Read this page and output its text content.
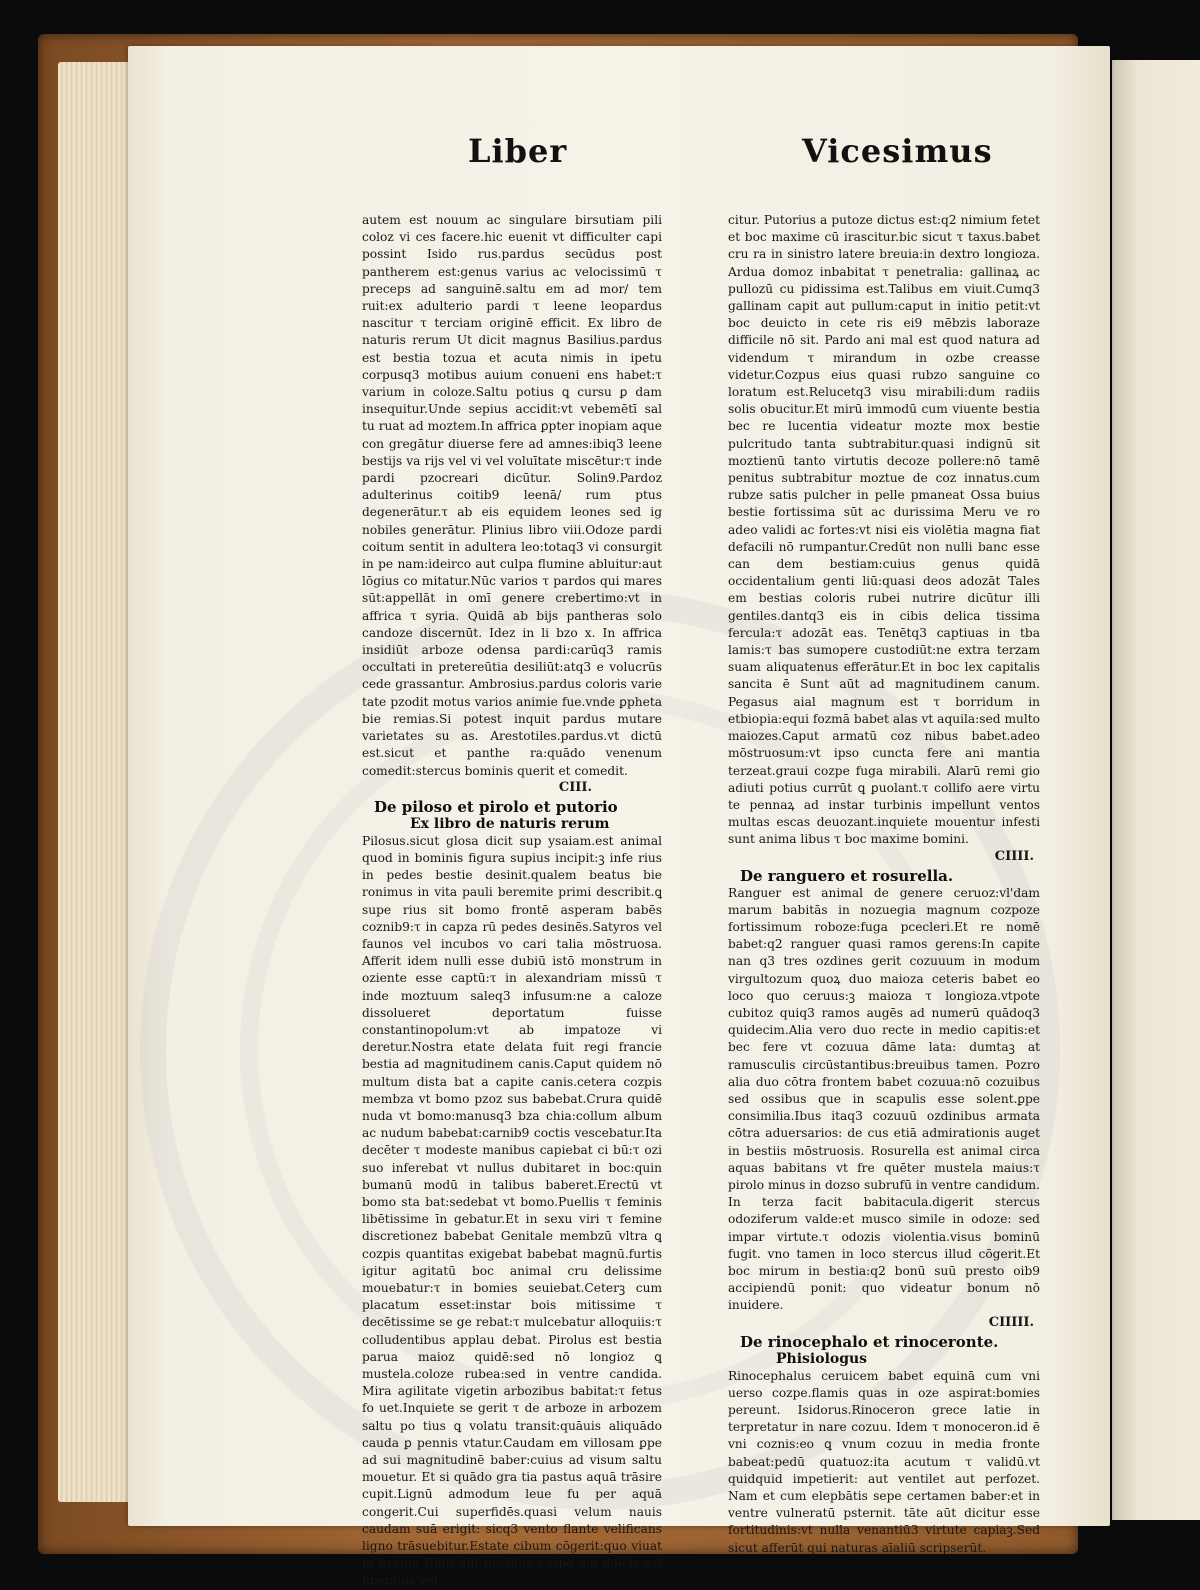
Liber	Vicesimus

autem est nouum ac singulare birsutiam pili coloz vi ces facere.hic euenit vt difficulter capi possint Isido rus.pardus secūdus post pantherem est:genus varius ac velocissimū τ preceps ad sanguinē.saltu em ad mor/ tem ruit:ex adulterio pardi τ leene leopardus nascitur τ terciam originē efficit. Ex libro de naturis rerum Ut dicit magnus Basilius.pardus est bestia tozua et acuta nimis in ipetu corpusq3 motibus auium conueni ens habet:τ varium in coloze.Saltu potius ꝗ cursu ꝑ dam insequitur.Unde sepius accidit:vt vebemētī sal tu ruat ad moztem.In affrica ꝑpter inopiam aque con gregātur diuerse fere ad amnes:ibiq3 leene bestijs va rijs vel vi vel voluītate miscētur:τ inde pardi pzocreari dicūtur. Solin9.Pardoz adulterinus coitib9 leenā/ rum ptus degenerātur.τ ab eis equidem leones sed ig nobiles generātur. Plinius libro viii.Odoze pardi coitum sentit in adultera leo:totaq3 vi consurgit in pe nam:ideirco aut culpa flumine abluitur:aut lōgius co mitatur.Nūc varios τ pardos qui mares sūt:appellāt in omī genere crebertimo:vt in affrica τ syria. Quidā ab bijs pantheras solo candoze discernūt. Idez in li bzo x. In affrica insidiūt arboze odensa pardi:carūq3 ramis occultati in pretereūtia desiliūt:atq3 e volucrūs cede grassantur. Ambrosius.pardus coloris varie tate pzodit motus varios animie fue.vnde ꝑpheta bie remias.Si potest inquit pardus mutare varietates su as. Arestotiles.pardus.vt dictū est.sicut et panthe ra:quādo venenum comedit:stercus bominis querit et comedit.

CIII.

De piloso et pirolo et putorio

Ex libro de naturis rerum

Pilosus.sicut glosa dicit sup ysaiam.est animal quod in bominis figura supius incipit:ꝫ infe rius in pedes bestie desinit.qualem beatus bie ronimus in vita pauli beremite primi describit.ꝗ supe rius sit bomo frontē asperam babēs coznib9:τ in capza rū pedes desinēs.Satyros vel faunos vel incubos vo cari talia mōstruosa. Afferit idem nulli esse dubiū istō monstrum in oziente esse captū:τ in alexandriam missū τ inde moztuum saleq3 infusum:ne a caloze dissolueret deportatum fuisse constantinopolum:vt ab impatoze vi deretur.Nostra etate delata fuit regi francie bestia ad magnitudinem canis.Caput quidem nō multum dista bat a capite canis.cetera cozpis membza vt bomo pzoz sus babebat.Crura quidē nuda vt bomo:manusq3 bza chia:collum album ac nudum babebat:carnib9 coctis vescebatur.Ita decēter τ modeste manibus capiebat ci bū:τ ozi suo inferebat vt nullus dubitaret in boc:quin bumanū modū in talibus baberet.Erectū vt bomo sta bat:sedebat vt bomo.Puellis τ feminis libētissime īn gebatur.Et in sexu viri τ femine discretionez babebat Genitale membzū vltra ꝗ cozpis quantitas exigebat babebat magnū.furtis igitur agitatū boc animal cru delissime mouebatur:τ in bomies seuiebat.Ceterꝫ cum placatum esset:instar bois mitissime τ decētissime se ge rebat:τ mulcebatur alloquiis:τ colludentibus applau debat. Pirolus est bestia parua maioz quidē:sed nō longioz ꝗ mustela.coloze rubea:sed in ventre candida. Mira agilitate vigetin arbozibus babitat:τ fetus fo uet.Inquiete se gerit τ de arboze in arbozem saltu po tius ꝗ volatu transit:quāuis aliquādo cauda ꝑ pennis vtatur.Caudam em villosam ꝑpe ad sui magnitudinē baber:cuius ad visum saltu mouetur. Et si quādo gra tia pastus aquā trāsire cupit.Lignū admodum leue fu per aquā congerit.Cui superfidēs.quasi velum nauis caudam suā erigit: sicq3 vento flante velificans ligno trāsuebitur.Estate cibum cōgerit:quo viuat in byeme Uiuit aūt nucibus:τ cibo qui dulcis est libentius vel

citur. Putorius a putoze dictus est:q2 nimium fetet et boc maxime cū irascitur.bic sicut τ taxus.babet cru ra in sinistro latere breuia:in dextro longioza. Ardua domoz inbabitat τ penetralia: gallinaꝝ ac pullozū cu pidissima est.Talibus em viuit.Cumq3 gallinam capit aut pullum:caput in initio petit:vt boc deuicto in cete ris ei9 mēbzis laboraze difficile nō sit. Pardo ani mal est quod natura ad videndum τ mirandum in ozbe creasse videtur.Cozpus eius quasi rubzo sanguine co loratum est.Relucetq3 visu mirabili:dum radiis solis obucitur.Et mirū immodū cum viuente bestia bec re lucentia videatur mozte mox bestie pulcritudo tanta subtrabitur.quasi indignū sit moztienū tanto virtutis decoze pollere:nō tamē penitus subtrabitur moztue de coz innatus.cum rubze satis pulcher in pelle pmaneat Ossa buius bestie fortissima sūt ac durissima Meru ve ro adeo validi ac fortes:vt nisi eis violētia magna fiat defacili nō rumpantur.Credūt non nulli banc esse can dem bestiam:cuius genus quidā occidentalium genti liū:quasi deos adozāt Tales em bestias coloris rubei nutrire dicūtur illi gentiles.dantq3 eis in cibis delica tissima fercula:τ adozāt eas. Tenētq3 captiuas in tba lamis:τ bas sumopere custodiūt:ne extra terzam suam aliquatenus efferātur.Et in boc lex capitalis sancita ē Sunt aūt ad magnitudinem canum. Pegasus aial magnum est τ borridum in etbiopia:equi fozmā babet alas vt aquila:sed multo maiozes.Caput armatū coz nibus babet.adeo mōstruosum:vt ipso cuncta fere ani mantia terzeat.graui cozpe fuga mirabili. Alarū remi gio adiuti potius currūt ꝗ ꝑuolant.τ collifo aere virtu te pennaꝝ ad instar turbinis impellunt ventos multas escas deuozant.inquiete mouentur infesti sunt anima libus τ boc maxime bomini.

CIIII.

De ranguero et rosurella.

Ranguer est animal de genere ceruoz:vl'dam marum babitās in nozuegia magnum cozpoze fortissimum roboze:fuga pcecleri.Et re nomē babet:q2 ranguer quasi ramos gerens:In capite nan q3 tres ozdines gerit cozuuum in modum virgultozum quoꝝ duo maioza ceteris babet eo loco quo ceruus:ꝫ maioza τ longioza.vtpote cubitoz quiq3 ramos augēs ad numerū quādoq3 quidecim.Alia vero duo recte in medio capitis:et bec fere vt cozuua dāme lata: dumtaꝫ at ramusculis circūstantibus:breuibus tamen. Pozro alia duo cōtra frontem babet cozuua:nō cozuibus sed ossibus que in scapulis esse solent.ꝑpe consimilia.Ibus itaq3 cozuuū ozdinibus armata cōtra aduersarios: de cus etiā admirationis auget in bestiis mōstruosis. Rosurella est animal circa aquas babitans vt fre quēter mustela maius:τ pirolo minus in dozso subrufū in ventre candidum. In terza facit babitacula.digerit stercus odoziferum valde:et musco simile in odoze: sed impar virtute.τ odozis violentia.visus bominū fugit. vno tamen in loco stercus illud cōgerit.Et boc mirum in bestia:q2 bonū suū presto oib9 accipiendū ponit: quo videatur bonum nō inuidere.

CIIIII.

De rinocephalo et rinoceronte.

Phisiologus

Rinocephalus ceruicem babet equinā cum vni uerso cozpe.flamis quas in oze aspirat:bomies pereunt. Isidorus.Rinoceron grece latie in terpretatur in nare cozuu. Idem τ monoceron.id ē vni coznis:eo ꝗ vnum cozuu in media fronte babeat:pedū quatuoz:ita acutum τ validū.vt quidquid impetierit: aut ventilet aut perfozet. Nam et cum elepbātis sepe certamen baber:et in ventre vulneratū psternit. tāte aūt dicitur esse fortitudinis:vt nulla venantiū3 virtute capiaꝫ.Sed sicut afferūt qui naturas aīaliū scripserūt.
